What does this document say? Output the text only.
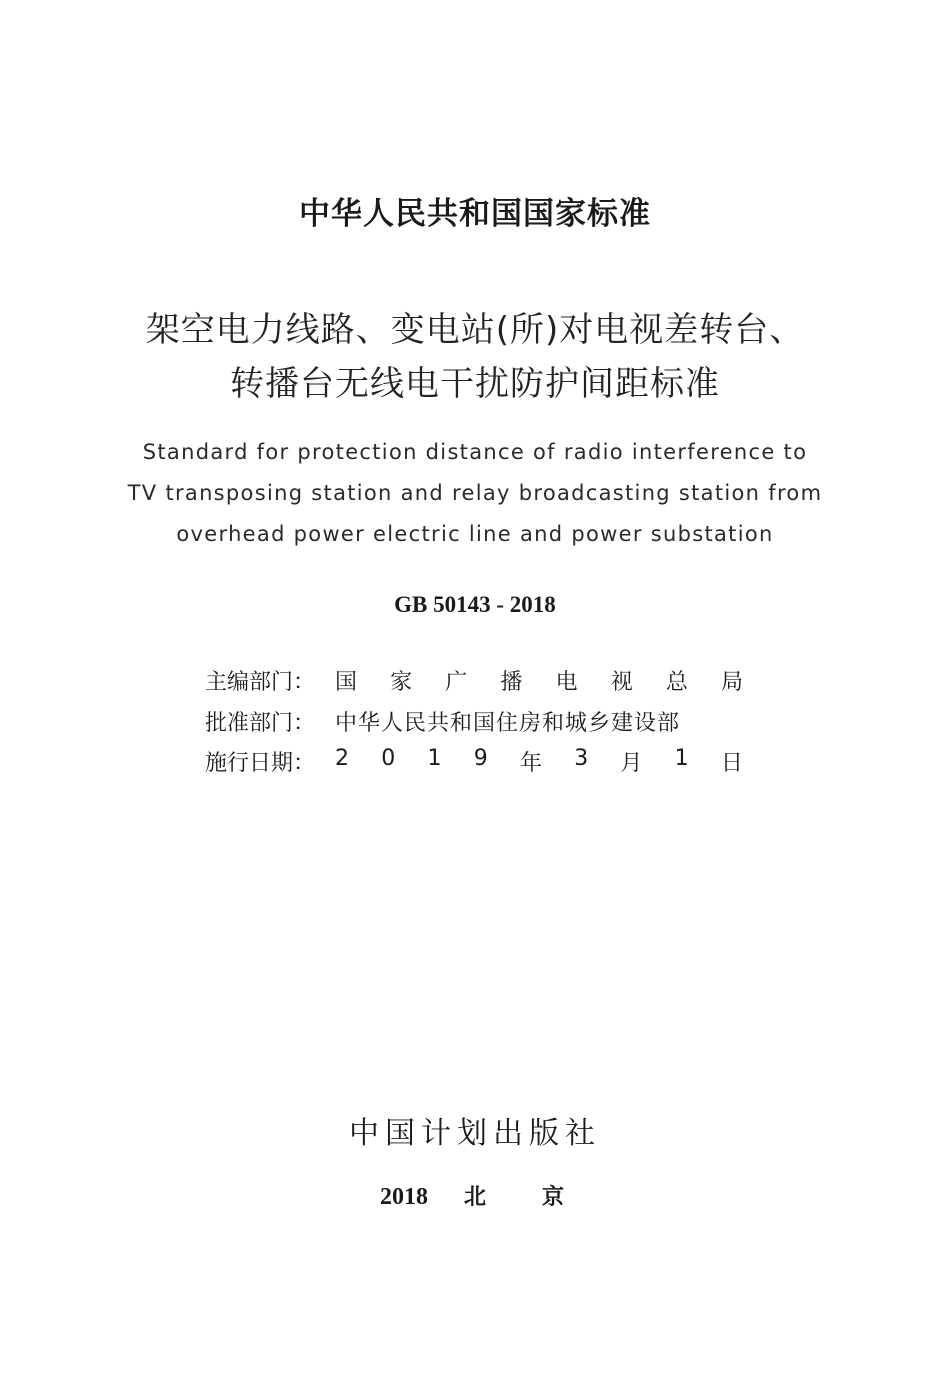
中华人民共和国国家标准
架空电力线路、变电站(所)对电视差转台、
转播台无线电干扰防护间距标准
Standard for protection distance of radio interference to
TV transposing station and relay broadcasting station from
overhead power electric line and power substation
GB 50143 - 2018
主编部门： 国 家 广 播 电 视 总 局
批准部门： 中华人民共和国住房和城乡建设部
施行日期： 2 0 1 9 年 3 月 1 日
中国计划出版社
2018 北	京
